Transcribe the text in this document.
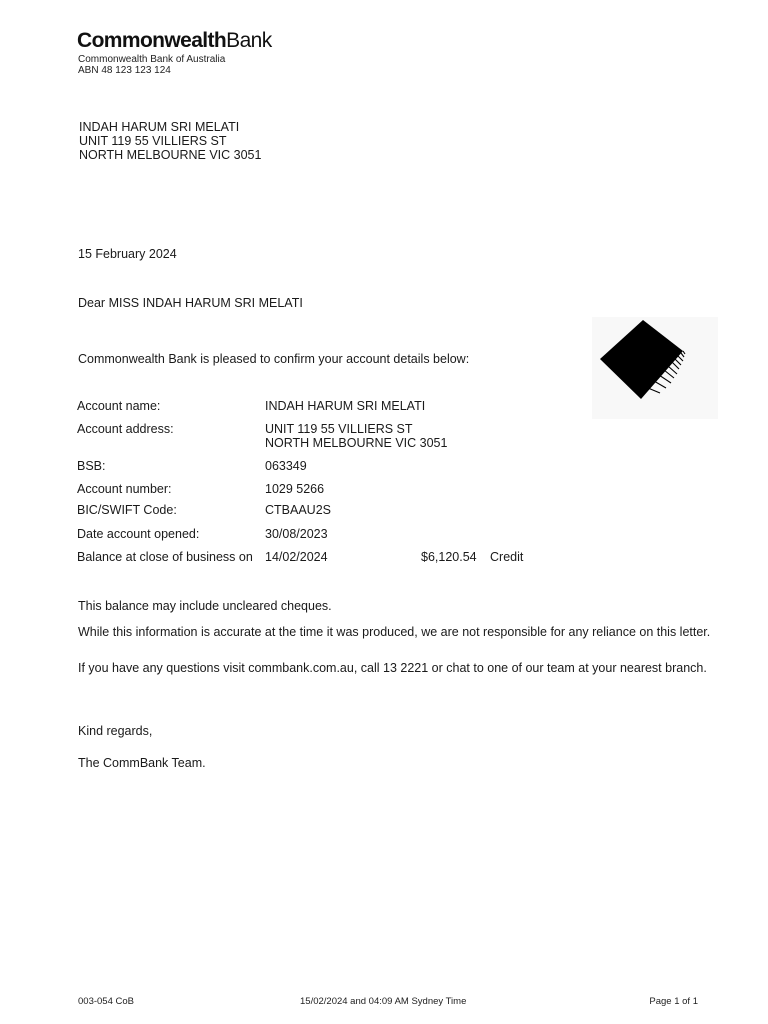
CommonwealthBank
Commonwealth Bank of Australia
ABN 48 123 123 124
INDAH HARUM SRI MELATI
UNIT 119 55 VILLIERS ST
NORTH MELBOURNE VIC 3051
15 February 2024
Dear MISS INDAH HARUM SRI MELATI
Commonwealth Bank is pleased to confirm your account details below:
Account name:	INDAH HARUM SRI MELATI
Account address:	UNIT 119 55 VILLIERS ST
NORTH MELBOURNE VIC 3051
BSB:	063349
Account number:	1029 5266
BIC/SWIFT Code:	CTBAAU2S
Date account opened:	30/08/2023
Balance at close of business on 14/02/2024	$6,120.54 Credit
This balance may include uncleared cheques.
While this information is accurate at the time it was produced, we are not responsible for any reliance on this letter.
If you have any questions visit commbank.com.au, call 13 2221 or chat to one of our team at your nearest branch.
Kind regards,
The CommBank Team.
003-054 CoB	15/02/2024 and 04:09 AM Sydney Time	Page 1 of 1
